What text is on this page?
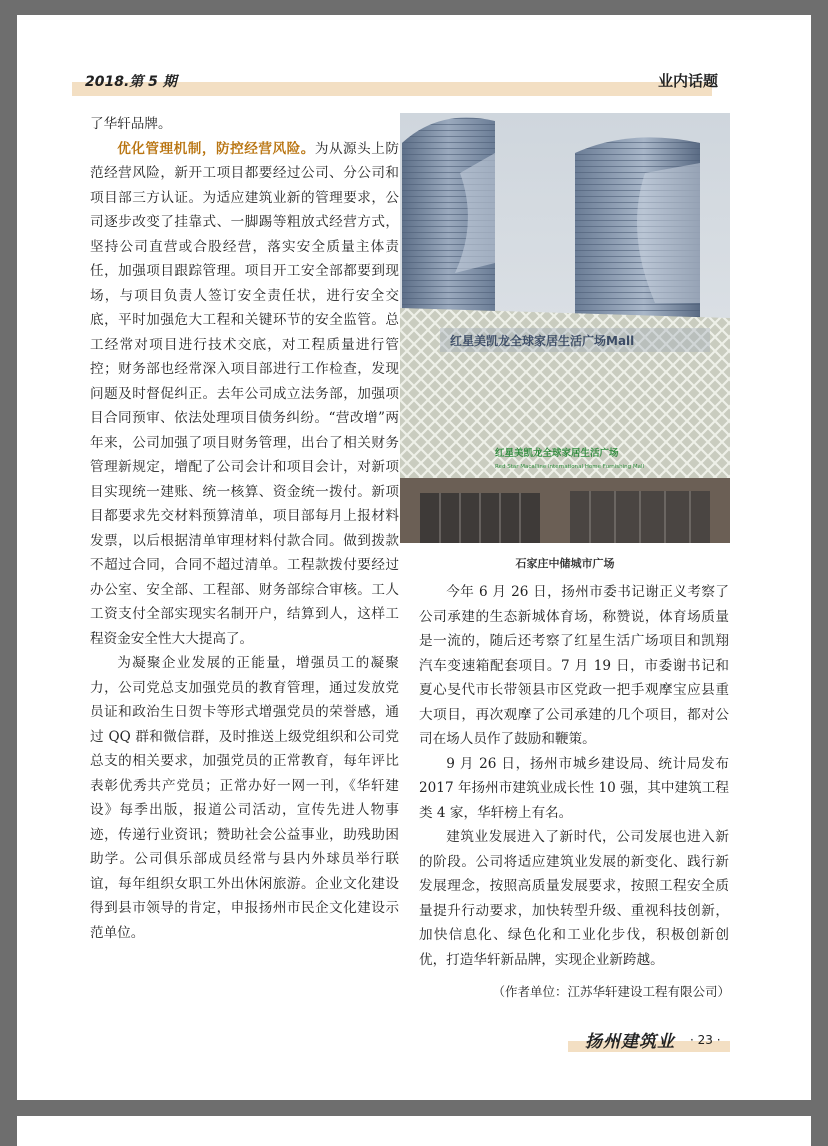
2018.第 5 期	业内话题

了华轩品牌。

优化管理机制，防控经营风险。为从源头上防范经营风险，新开工项目都要经过公司、分公司和项目部三方认证。为适应建筑业新的管理要求，公司逐步改变了挂靠式、一脚踢等粗放式经营方式，坚持公司直营或合股经营，落实安全质量主体责任，加强项目跟踪管理。项目开工安全部都要到现场，与项目负责人签订安全责任状，进行安全交底，平时加强危大工程和关键环节的安全监管。总工经常对项目进行技术交底，对工程质量进行管控；财务部也经常深入项目部进行工作检查，发现问题及时督促纠正。去年公司成立法务部，加强项目合同预审、依法处理项目债务纠纷。“营改增”两年来，公司加强了项目财务管理，出台了相关财务管理新规定，增配了公司会计和项目会计，对新项目实现统一建账、统一核算、资金统一拨付。新项目都要求先交材料预算清单，项目部每月上报材料发票，以后根据清单审理材料付款合同。做到拨款不超过合同，合同不超过清单。工程款拨付要经过办公室、安全部、工程部、财务部综合审核。工人工资支付全部实现实名制开户，结算到人，这样工程资金安全性大大提高了。

为凝聚企业发展的正能量，增强员工的凝聚力，公司党总支加强党员的教育管理，通过发放党员证和政治生日贺卡等形式增强党员的荣誉感，通过 QQ 群和微信群，及时推送上级党组织和公司党总支的相关要求，加强党员的正常教育，每年评比表彰优秀共产党员；正常办好一网一刊，《华轩建设》每季出版，报道公司活动，宣传先进人物事迹，传递行业资讯；赞助社会公益事业，助残助困助学。公司俱乐部成员经常与县内外球员举行联谊，每年组织女职工外出休闲旅游。企业文化建设得到县市领导的肯定，申报扬州市民企文化建设示范单位。

红星美凯龙全球家居生活广场Mall
红星美凯龙全球家居生活广场
Red Star Macalline International Home Furnishing Mall
石家庄中储城市广场

今年 6 月 26 日，扬州市委书记谢正义考察了公司承建的生态新城体育场，称赞说，体育场质量是一流的，随后还考察了红星生活广场项目和凯翔汽车变速箱配套项目。7 月 19 日，市委谢书记和夏心旻代市长带领县市区党政一把手观摩宝应县重大项目，再次观摩了公司承建的几个项目，都对公司在场人员作了鼓励和鞭策。

9 月 26 日，扬州市城乡建设局、统计局发布 2017 年扬州市建筑业成长性 10 强，其中建筑工程类 4 家，华轩榜上有名。

建筑业发展进入了新时代，公司发展也进入新的阶段。公司将适应建筑业发展的新变化、践行新发展理念，按照高质量发展要求，按照工程安全质量提升行动要求，加快转型升级、重视科技创新，加快信息化、绿色化和工业化步伐，积极创新创优，打造华轩新品牌，实现企业新跨越。

（作者单位：江苏华轩建设工程有限公司）
扬州建筑业 · 23 ·
